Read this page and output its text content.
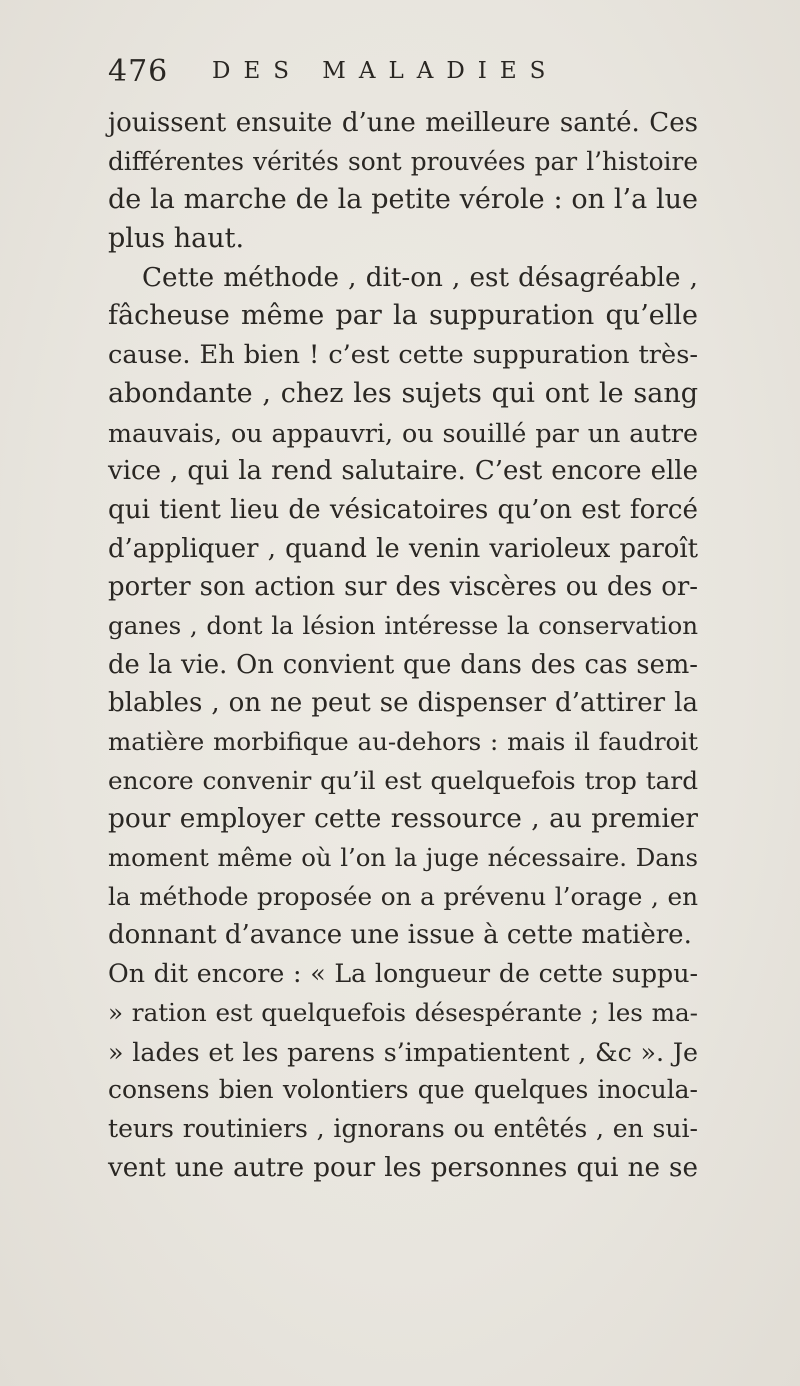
476 DES MALADIES
jouissent ensuite d’une meilleure santé. Ces
différentes vérités sont prouvées par l’histoire
de la marche de la petite vérole : on l’a lue
plus haut.
Cette méthode , dit-on , est désagréable ,
fâcheuse même par la suppuration qu’elle
cause. Eh bien ! c’est cette suppuration très-
abondante , chez les sujets qui ont le sang
mauvais, ou appauvri, ou souillé par un autre
vice , qui la rend salutaire. C’est encore elle
qui tient lieu de vésicatoires qu’on est forcé
d’appliquer , quand le venin varioleux paroît
porter son action sur des viscères ou des or-
ganes , dont la lésion intéresse la conservation
de la vie. On convient que dans des cas sem-
blables , on ne peut se dispenser d’attirer la
matière morbifique au-dehors : mais il faudroit
encore convenir qu’il est quelquefois trop tard
pour employer cette ressource , au premier
moment même où l’on la juge nécessaire. Dans
la méthode proposée on a prévenu l’orage , en
donnant d’avance une issue à cette matière.
On dit encore : « La longueur de cette suppu-
» ration est quelquefois désespérante ; les ma-
» lades et les parens s’impatientent , &c ». Je
consens bien volontiers que quelques inocula-
teurs routiniers , ignorans ou entêtés , en sui-
vent une autre pour les personnes qui ne se
